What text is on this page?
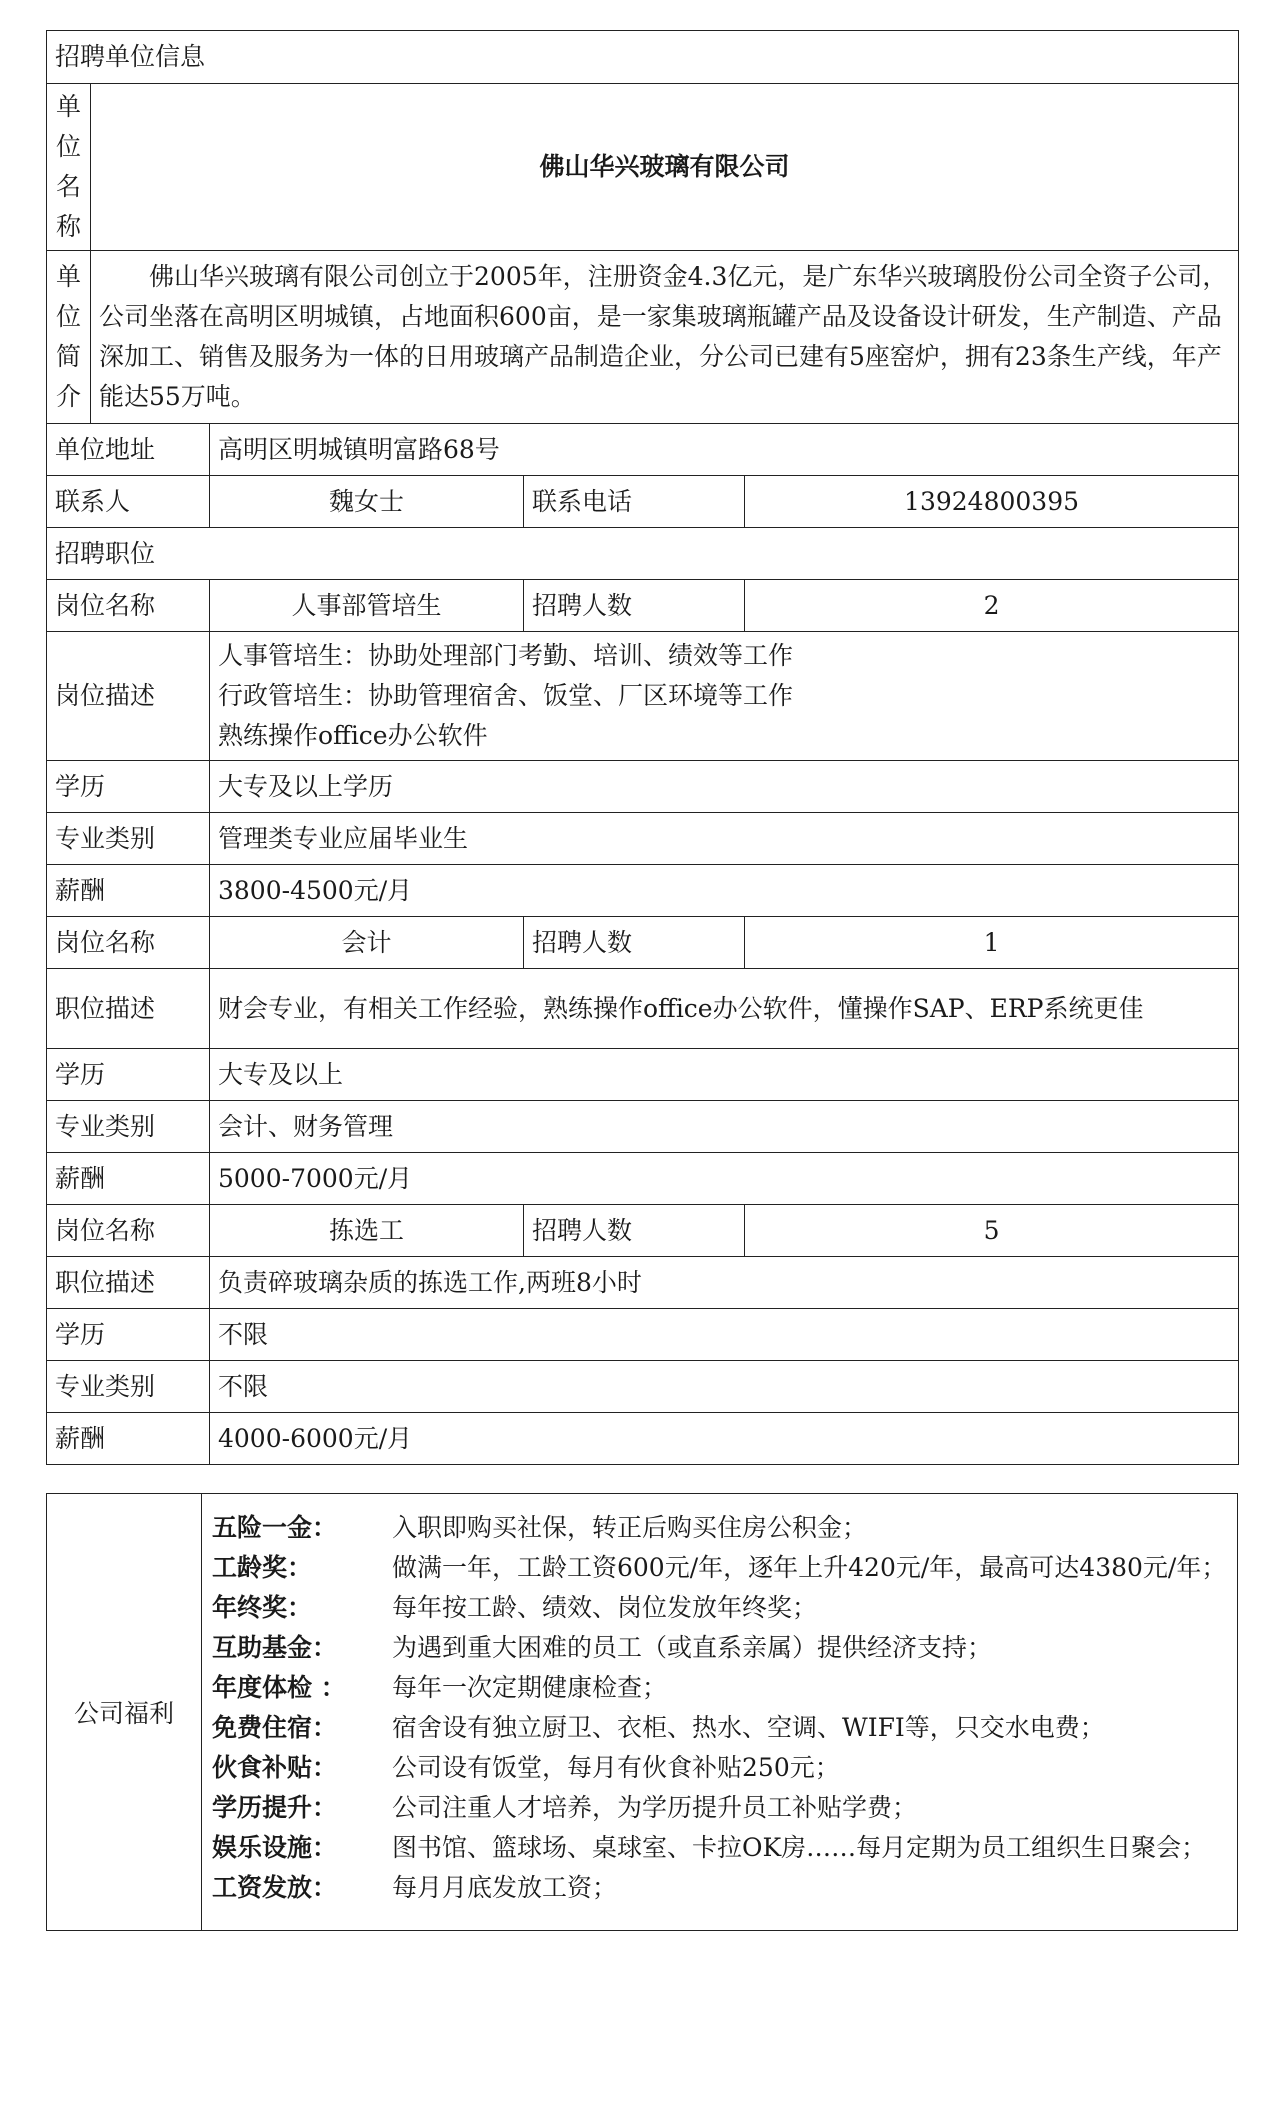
招聘单位信息				

单
位
名
称	佛山华兴玻璃有限公司			

单
位
简
介	佛山华兴玻璃有限公司创立于2005年，注册资金4.3亿元，是广东华兴玻璃股份公司全资子公司，公司坐落在高明区明城镇，占地面积600亩，是一家集玻璃瓶罐产品及设备设计研发，生产制造、产品深加工、销售及服务为一体的日用玻璃产品制造企业，分公司已建有5座窑炉，拥有23条生产线，年产能达55万吨。			
单位地址		高明区明城镇明富路68号		
联系人		魏女士	联系电话	13924800395
招聘职位				
岗位名称		人事部管培生	招聘人数	2
岗位描述		人事管培生：协助处理部门考勤、培训、绩效等工作
行政管培生：协助管理宿舍、饭堂、厂区环境等工作
熟练操作office办公软件		

学历		大专及以上学历		
专业类别		管理类专业应届毕业生		
薪酬		3800-4500元/月		
岗位名称		会计	招聘人数	1
职位描述		财会专业，有相关工作经验，熟练操作office办公软件，懂操作SAP、ERP系统更佳		
学历		大专及以上		
专业类别		会计、财务管理		
薪酬		5000-7000元/月		
岗位名称		拣选工	招聘人数	5
职位描述		负责碎玻璃杂质的拣选工作,两班8小时		
学历		不限		
专业类别		不限		
薪酬		4000-6000元/月		
公司福利	
五险一金：	入职即购买社保，转正后购买住房公积金；
工龄奖：	做满一年，工龄工资600元/年，逐年上升420元/年，最高可达4380元/年；
年终奖：	每年按工龄、绩效、岗位发放年终奖；
互助基金：	为遇到重大困难的员工（或直系亲属）提供经济支持；
年度体检 ：	每年一次定期健康检查；
免费住宿：	宿舍设有独立厨卫、衣柜、热水、空调、WIFI等，只交水电费；
伙食补贴：	公司设有饭堂，每月有伙食补贴250元；
学历提升：	公司注重人才培养，为学历提升员工补贴学费；
娱乐设施：	图书馆、篮球场、桌球室、卡拉OK房……每月定期为员工组织生日聚会；
工资发放：	每月月底发放工资；
